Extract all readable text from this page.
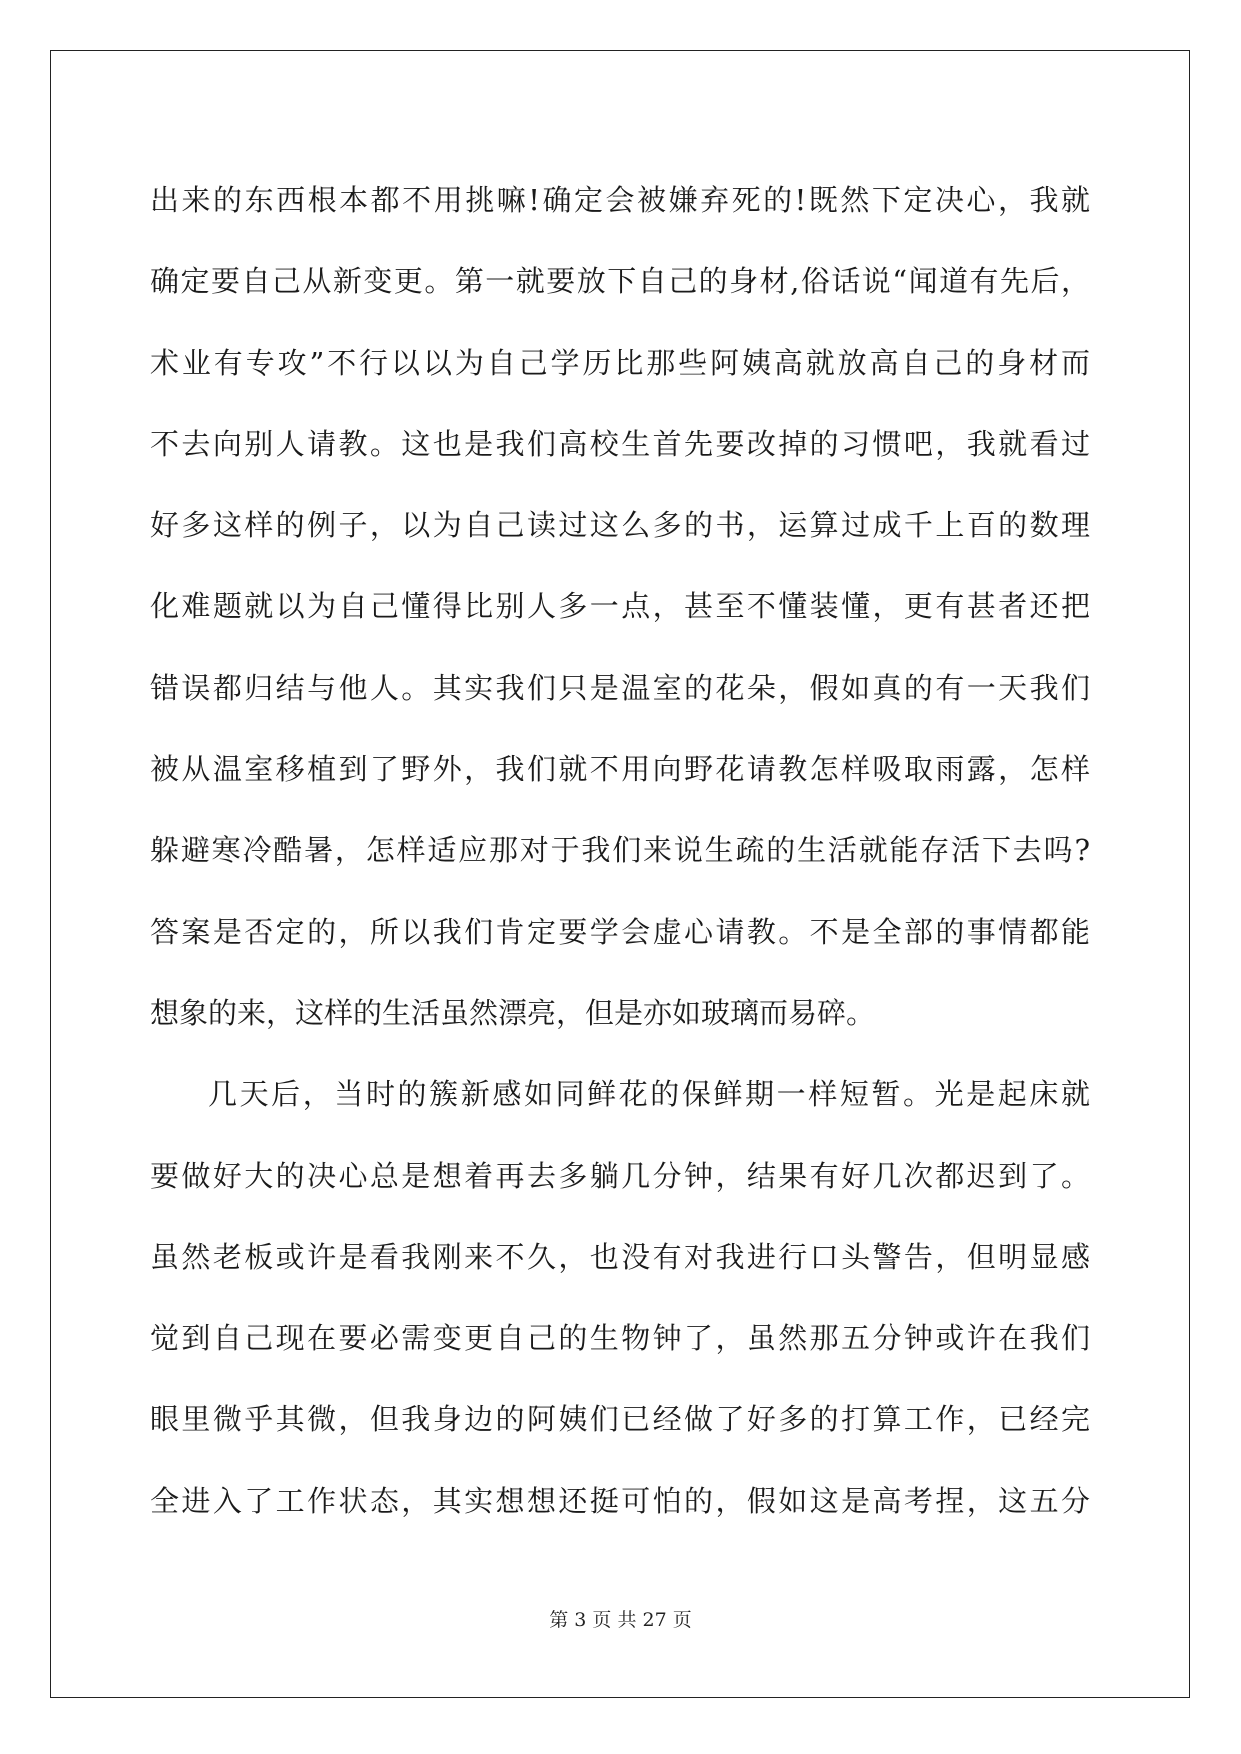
出来的东西根本都不用挑嘛!确定会被嫌弃死的!既然下定决心，我就
确定要自己从新变更。第一就要放下自己的身材,俗话说“闻道有先后，
术业有专攻”不行以以为自己学历比那些阿姨高就放高自己的身材而
不去向别人请教。这也是我们高校生首先要改掉的习惯吧，我就看过
好多这样的例子，以为自己读过这么多的书，运算过成千上百的数理
化难题就以为自己懂得比别人多一点，甚至不懂装懂，更有甚者还把
错误都归结与他人。其实我们只是温室的花朵，假如真的有一天我们
被从温室移植到了野外，我们就不用向野花请教怎样吸取雨露，怎样
躲避寒冷酷暑，怎样适应那对于我们来说生疏的生活就能存活下去吗?
答案是否定的，所以我们肯定要学会虚心请教。不是全部的事情都能
想象的来，这样的生活虽然漂亮，但是亦如玻璃而易碎。
几天后，当时的簇新感如同鲜花的保鲜期一样短暂。光是起床就
要做好大的决心总是想着再去多躺几分钟，结果有好几次都迟到了。
虽然老板或许是看我刚来不久，也没有对我进行口头警告，但明显感
觉到自己现在要必需变更自己的生物钟了，虽然那五分钟或许在我们
眼里微乎其微，但我身边的阿姨们已经做了好多的打算工作，已经完
全进入了工作状态，其实想想还挺可怕的，假如这是高考捏，这五分
第 3 页 共 27 页
